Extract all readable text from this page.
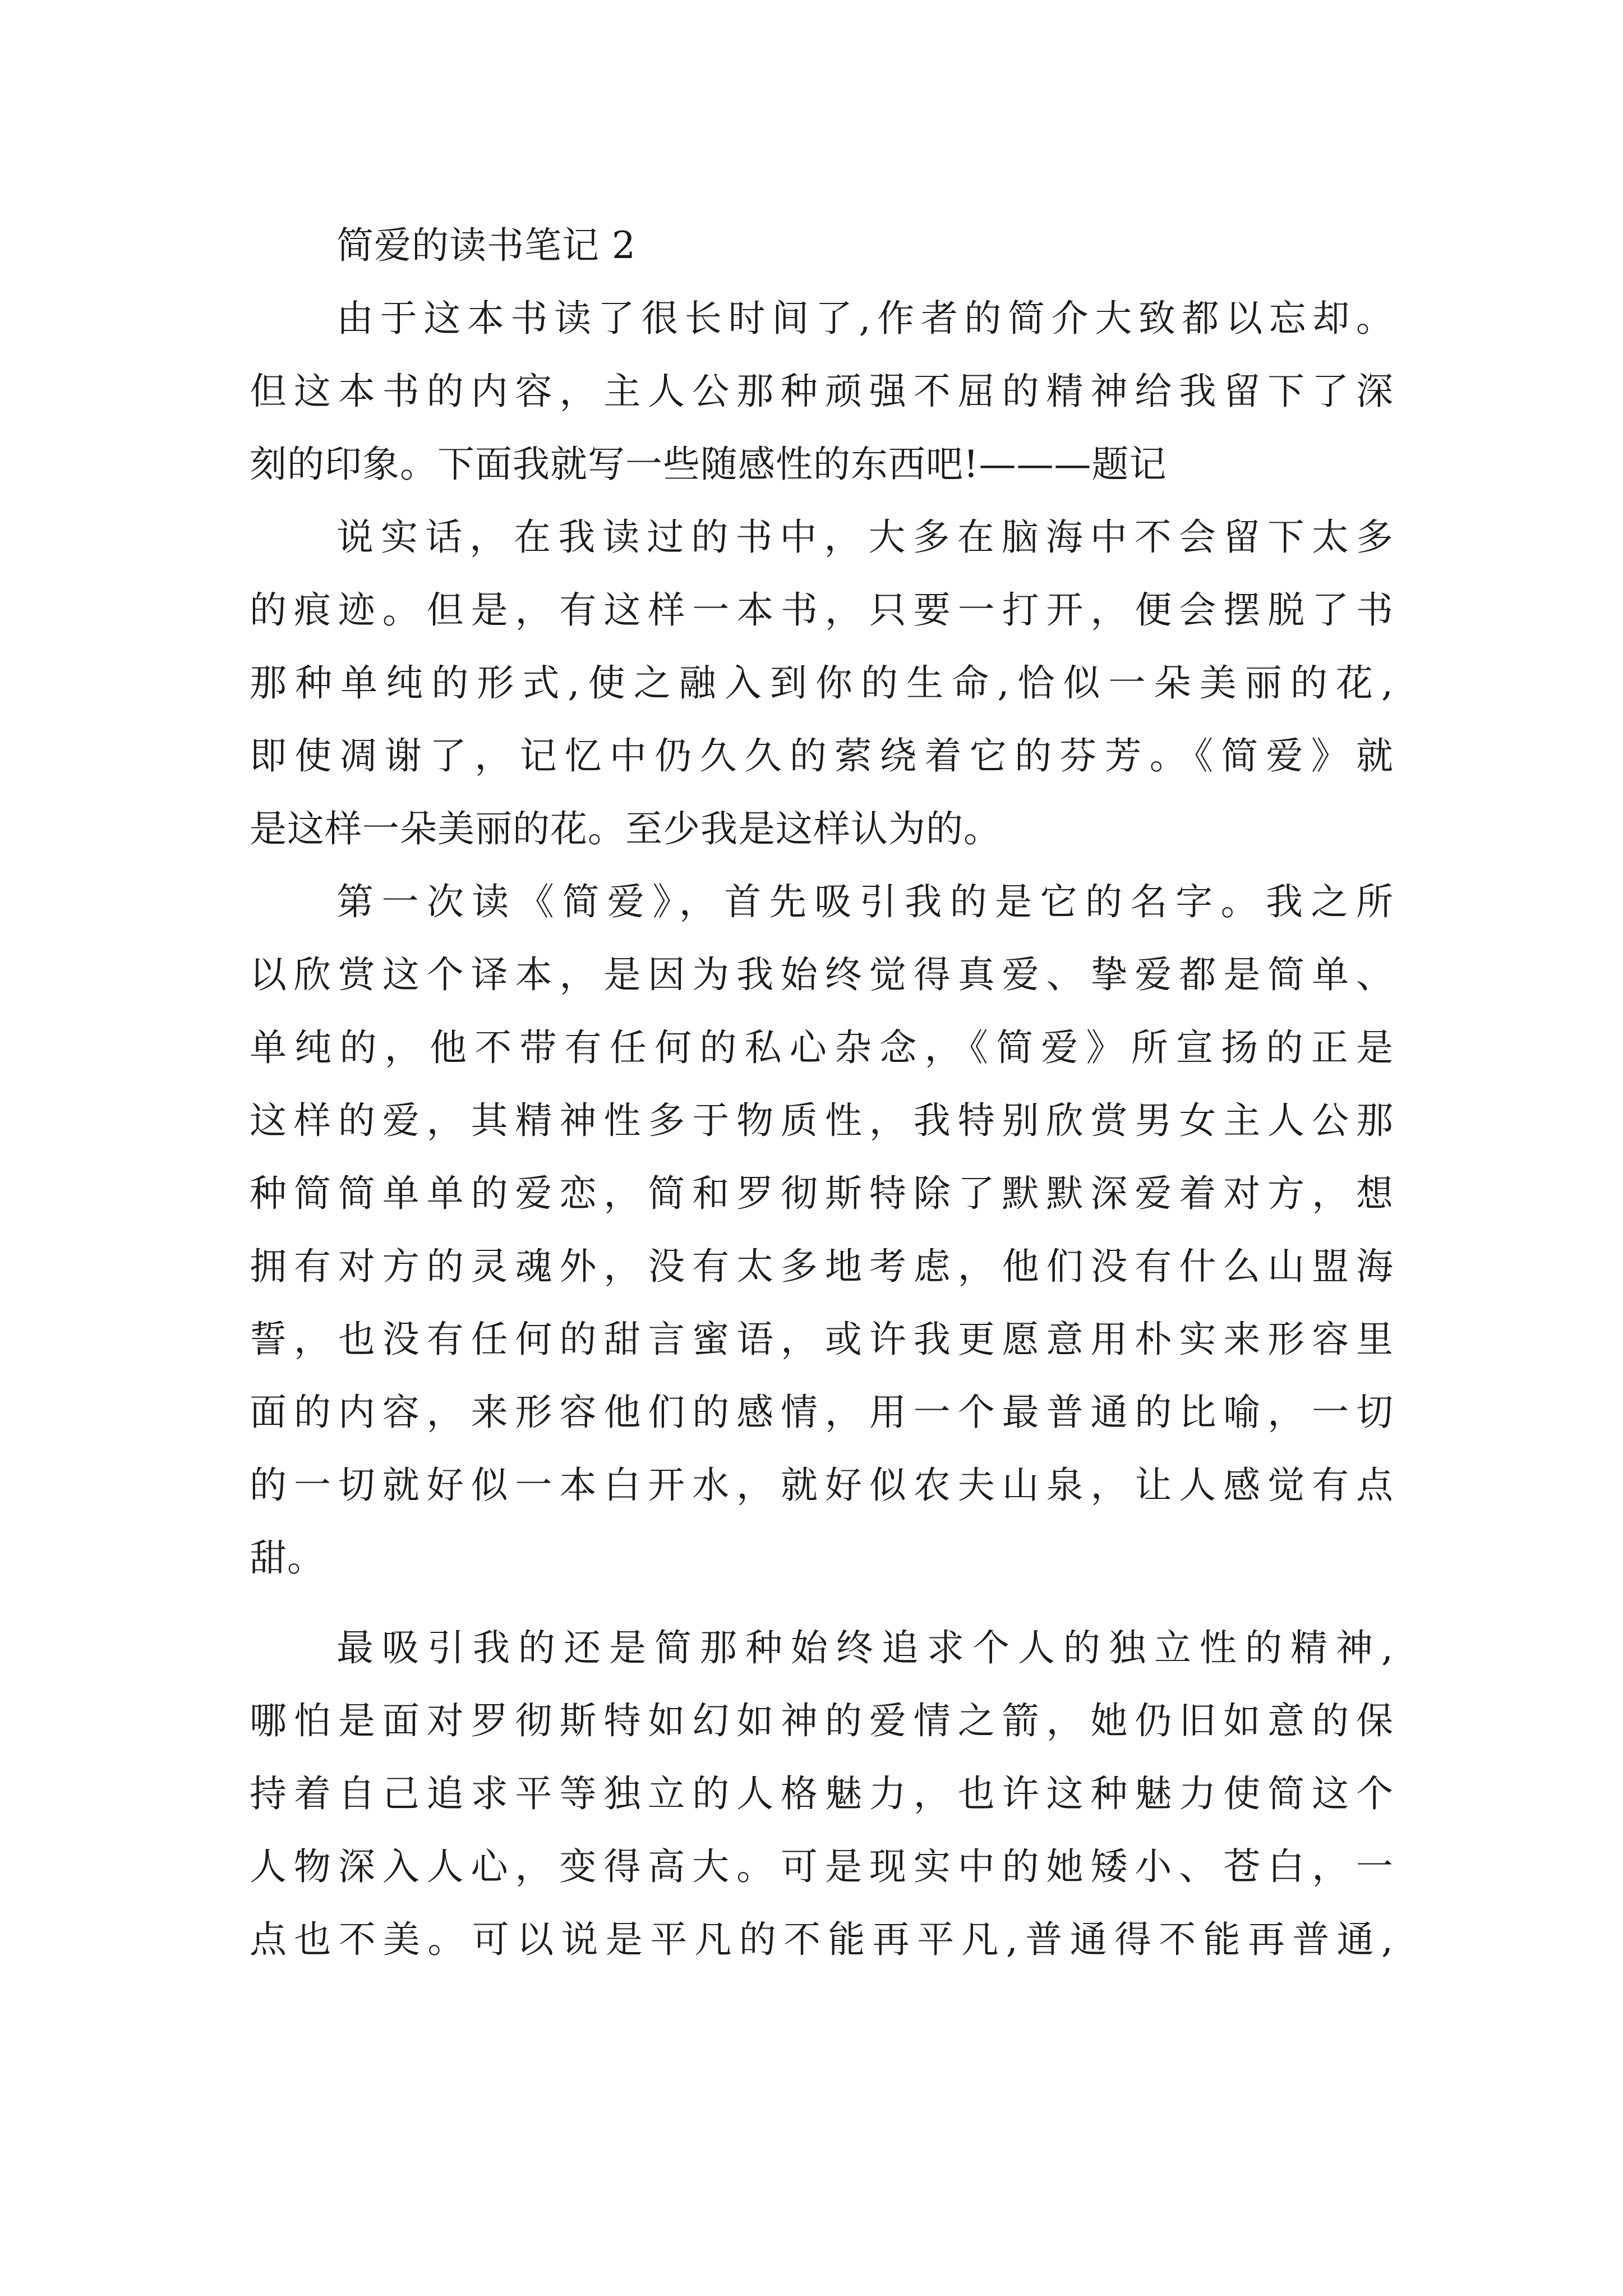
简爱的读书笔记 2
由于这本书读了很长时间了,作者的简介大致都以忘却。
但这本书的内容，主人公那种顽强不屈的精神给我留下了深
刻的印象。下面我就写一些随感性的东西吧!———题记
说实话，在我读过的书中，大多在脑海中不会留下太多
的痕迹。但是，有这样一本书，只要一打开，便会摆脱了书
那种单纯的形式,使之融入到你的生命,恰似一朵美丽的花,
即使凋谢了，记忆中仍久久的萦绕着它的芬芳。《简爱》就
是这样一朵美丽的花。至少我是这样认为的。
第一次读《简爱》，首先吸引我的是它的名字。我之所
以欣赏这个译本，是因为我始终觉得真爱、挚爱都是简单、
单纯的，他不带有任何的私心杂念，《简爱》所宣扬的正是
这样的爱，其精神性多于物质性，我特别欣赏男女主人公那
种简简单单的爱恋，简和罗彻斯特除了默默深爱着对方，想
拥有对方的灵魂外，没有太多地考虑，他们没有什么山盟海
誓，也没有任何的甜言蜜语，或许我更愿意用朴实来形容里
面的内容，来形容他们的感情，用一个最普通的比喻，一切
的一切就好似一本白开水，就好似农夫山泉，让人感觉有点
甜。
最吸引我的还是简那种始终追求个人的独立性的精神,
哪怕是面对罗彻斯特如幻如神的爱情之箭，她仍旧如意的保
持着自己追求平等独立的人格魅力，也许这种魅力使简这个
人物深入人心，变得高大。可是现实中的她矮小、苍白，一
点也不美。可以说是平凡的不能再平凡,普通得不能再普通,
